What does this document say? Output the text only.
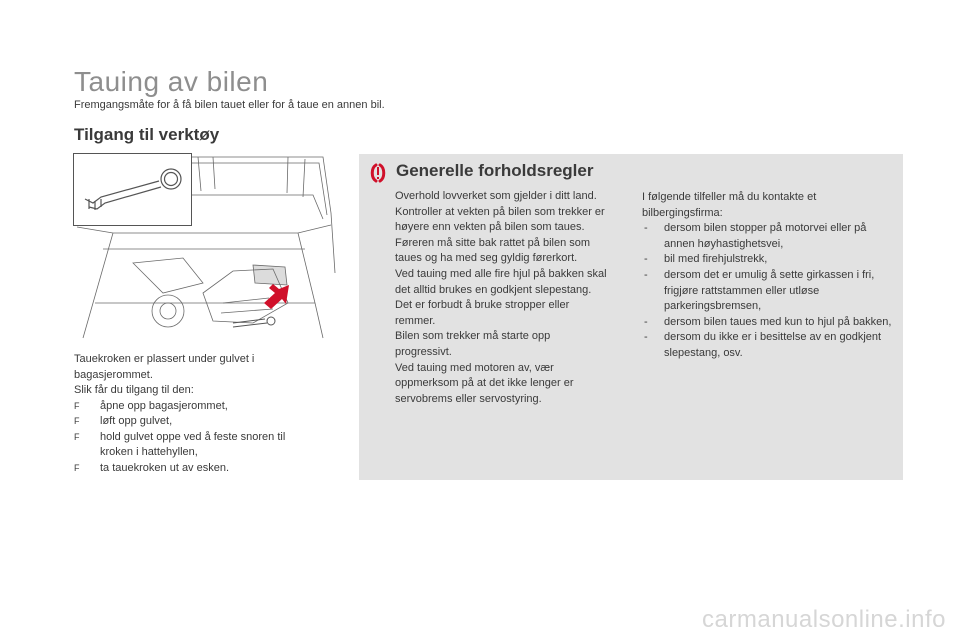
Tauing av bilen

Fremgangsmåte for å få bilen tauet eller for å taue en annen bil.

Tilgang til verktøy

Tauekroken er plassert under gulvet i bagasjerommet.

Slik får du tilgang til den:

F åpne opp bagasjerommet,
F løft opp gulvet,
F hold gulvet oppe ved å feste snoren til kroken i hattehyllen,
F ta tauekroken ut av esken.
Generelle forholdsregler

Overhold lovverket som gjelder i ditt land.

Kontroller at vekten på bilen som trekker er høyere enn vekten på bilen som taues.

Føreren må sitte bak rattet på bilen som taues og ha med seg gyldig førerkort.

Ved tauing med alle fire hjul på bakken skal det alltid brukes en godkjent slepestang. Det er forbudt å bruke stropper eller remmer.

Bilen som trekker må starte opp progressivt.

Ved tauing med motoren av, vær oppmerksom på at det ikke lenger er servobrems eller servostyring.

I følgende tilfeller må du kontakte et bilbergingsfirma:

- dersom bilen stopper på motorvei eller på annen høyhastighetsvei,
- bil med firehjulstrekk,
- dersom det er umulig å sette girkassen i fri, frigjøre rattstammen eller utløse parkeringsbremsen,
- dersom bilen taues med kun to hjul på bakken,
- dersom du ikke er i besittelse av en godkjent slepestang, osv.
carmanualsonline.info
